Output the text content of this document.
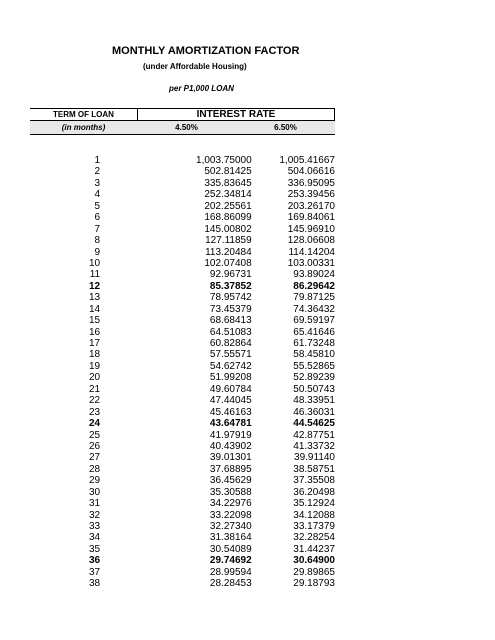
MONTHLY AMORTIZATION FACTOR
(under Affordable Housing)
per P1,000 LOAN
TERM OF LOAN	INTEREST RATE
(in months)	4.50%	6.50%
1	1,003.75000	1,005.41667
2	502.81425	504.06616
3	335.83645	336.95095
4	252.34814	253.39456
5	202.25561	203.26170
6	168.86099	169.84061
7	145.00802	145.96910
8	127.11859	128.06608
9	113.20484	114.14204
10	102.07408	103.00331
11	92.96731	93.89024
12	85.37852	86.29642
13	78.95742	79.87125
14	73.45379	74.36432
15	68.68413	69.59197
16	64.51083	65.41646
17	60.82864	61.73248
18	57.55571	58.45810
19	54.62742	55.52865
20	51.99208	52.89239
21	49.60784	50.50743
22	47.44045	48.33951
23	45.46163	46.36031
24	43.64781	44.54625
25	41.97919	42.87751
26	40.43902	41.33732
27	39.01301	39.91140
28	37.68895	38.58751
29	36.45629	37.35508
30	35.30588	36.20498
31	34.22976	35.12924
32	33.22098	34.12088
33	32.27340	33.17379
34	31.38164	32.28254
35	30.54089	31.44237
36	29.74692	30.64900
37	28.99594	29.89865
38	28.28453	29.18793
